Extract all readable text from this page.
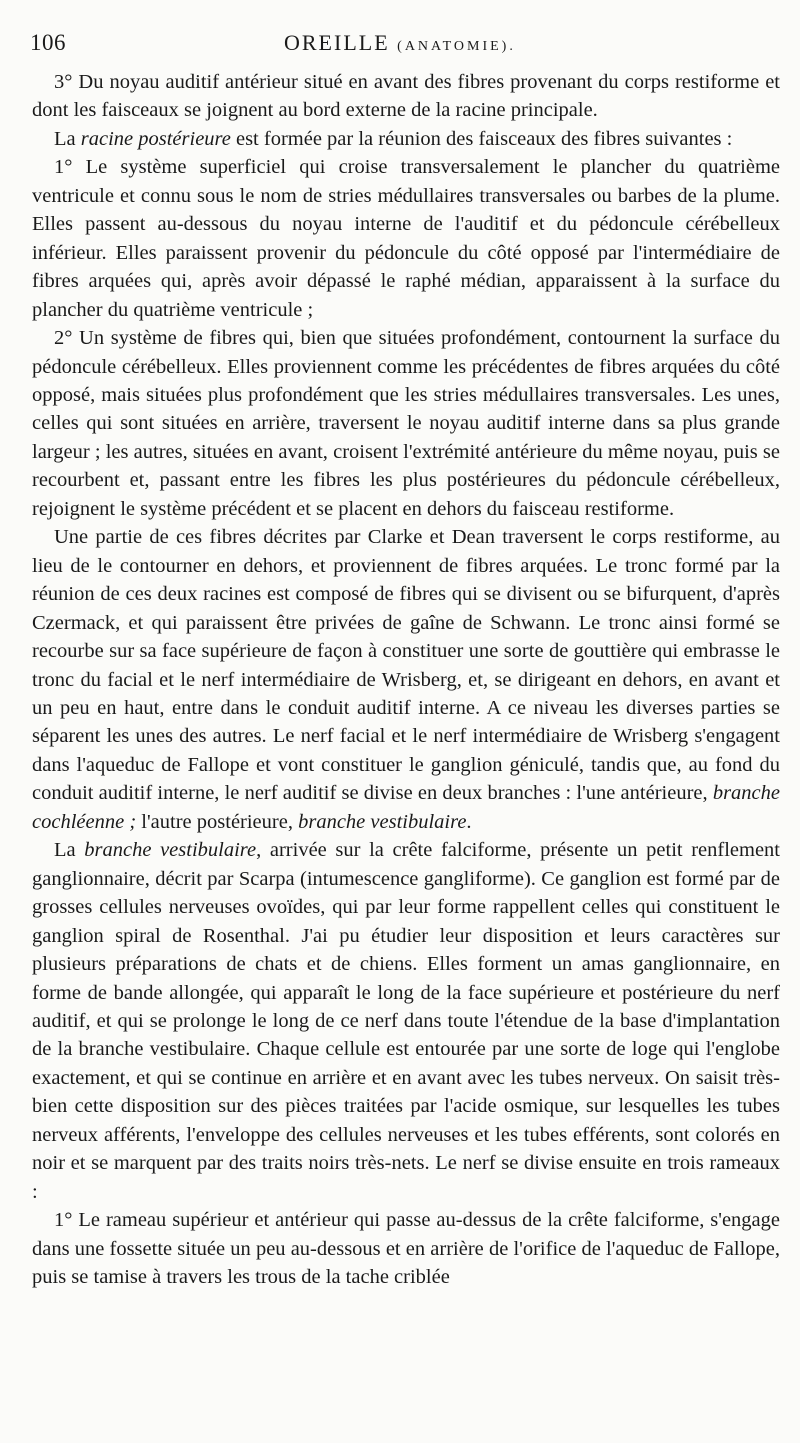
106	OREILLE (ANATOMIE).

3° Du noyau auditif antérieur situé en avant des fibres provenant du corps restiforme et dont les faisceaux se joignent au bord externe de la racine principale.

La racine postérieure est formée par la réunion des faisceaux des fibres suivantes :

1° Le système superficiel qui croise transversalement le plancher du quatrième ventricule et connu sous le nom de stries médullaires transversales ou barbes de la plume. Elles passent au-dessous du noyau interne de l'auditif et du pédoncule cérébelleux inférieur. Elles paraissent provenir du pédoncule du côté opposé par l'intermédiaire de fibres arquées qui, après avoir dépassé le raphé médian, apparaissent à la surface du plancher du quatrième ventricule ;

2° Un système de fibres qui, bien que situées profondément, contournent la surface du pédoncule cérébelleux. Elles proviennent comme les précédentes de fibres arquées du côté opposé, mais situées plus profondément que les stries médullaires transversales. Les unes, celles qui sont situées en arrière, traversent le noyau auditif interne dans sa plus grande largeur ; les autres, situées en avant, croisent l'extrémité antérieure du même noyau, puis se recourbent et, passant entre les fibres les plus postérieures du pédoncule cérébelleux, rejoignent le système précédent et se placent en dehors du faisceau restiforme.

Une partie de ces fibres décrites par Clarke et Dean traversent le corps restiforme, au lieu de le contourner en dehors, et proviennent de fibres arquées. Le tronc formé par la réunion de ces deux racines est composé de fibres qui se divisent ou se bifurquent, d'après Czermack, et qui paraissent être privées de gaîne de Schwann. Le tronc ainsi formé se recourbe sur sa face supérieure de façon à constituer une sorte de gouttière qui embrasse le tronc du facial et le nerf intermédiaire de Wrisberg, et, se dirigeant en dehors, en avant et un peu en haut, entre dans le conduit auditif interne. A ce niveau les diverses parties se séparent les unes des autres. Le nerf facial et le nerf intermédiaire de Wrisberg s'engagent dans l'aqueduc de Fallope et vont constituer le ganglion géniculé, tandis que, au fond du conduit auditif interne, le nerf auditif se divise en deux branches : l'une antérieure, branche cochléenne ; l'autre postérieure, branche vestibulaire.

La branche vestibulaire, arrivée sur la crête falciforme, présente un petit renflement ganglionnaire, décrit par Scarpa (intumescence gangliforme). Ce ganglion est formé par de grosses cellules nerveuses ovoïdes, qui par leur forme rappellent celles qui constituent le ganglion spiral de Rosenthal. J'ai pu étudier leur disposition et leurs caractères sur plusieurs préparations de chats et de chiens. Elles forment un amas ganglionnaire, en forme de bande allongée, qui apparaît le long de la face supérieure et postérieure du nerf auditif, et qui se prolonge le long de ce nerf dans toute l'étendue de la base d'implantation de la branche vestibulaire. Chaque cellule est entourée par une sorte de loge qui l'englobe exactement, et qui se continue en arrière et en avant avec les tubes nerveux. On saisit très-bien cette disposition sur des pièces traitées par l'acide osmique, sur lesquelles les tubes nerveux afférents, l'enveloppe des cellules nerveuses et les tubes efférents, sont colorés en noir et se marquent par des traits noirs très-nets. Le nerf se divise ensuite en trois rameaux :

1° Le rameau supérieur et antérieur qui passe au-dessus de la crête falciforme, s'engage dans une fossette située un peu au-dessous et en arrière de l'orifice de l'aqueduc de Fallope, puis se tamise à travers les trous de la tache criblée
